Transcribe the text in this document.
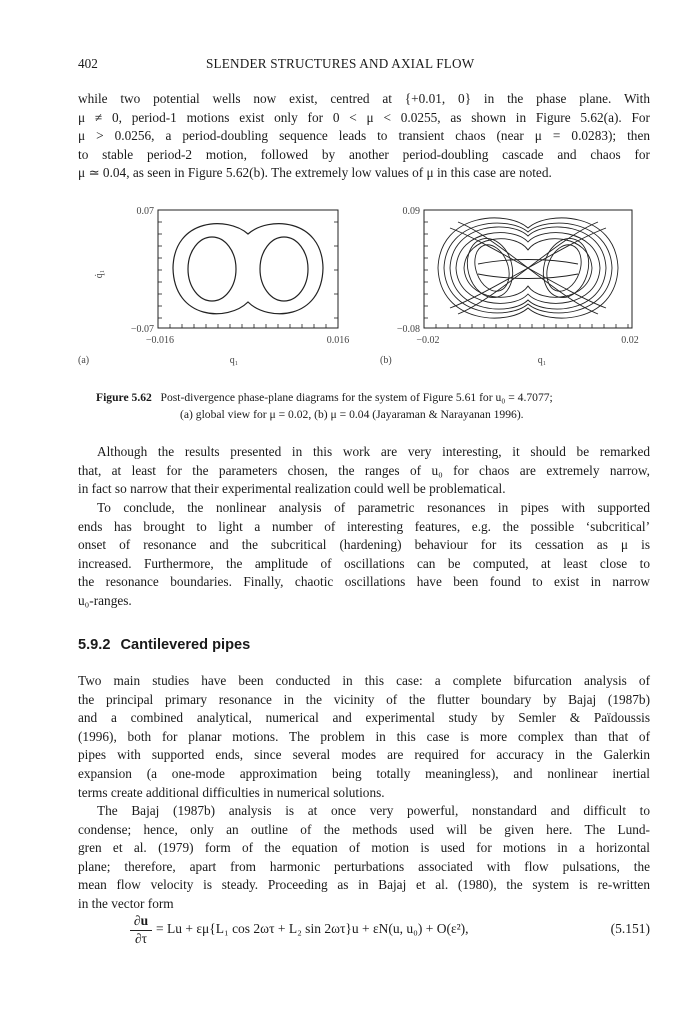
402	SLENDER STRUCTURES AND AXIAL FLOW
while two potential wells now exist, centred at {+0.01, 0} in the phase plane. With
μ ≠ 0, period-1 motions exist only for 0 < μ < 0.0255, as shown in Figure 5.62(a). For
μ > 0.0256, a period-doubling sequence leads to transient chaos (near μ = 0.0283); then
to stable period-2 motion, followed by another period-doubling cascade and chaos for
μ ≃ 0.04, as seen in Figure 5.62(b). The extremely low values of μ in this case are noted.
0.07
−0.07
−0.016	0.016
q̇₁
q₁
(a)
0.09
−0.08
−0.02	0.02
q₁
(b)
Figure 5.62 Post-divergence phase-plane diagrams for the system of Figure 5.61 for u₀ = 4.7077;
(a) global view for μ = 0.02, (b) μ = 0.04 (Jayaraman & Narayanan 1996).
Although the results presented in this work are very interesting, it should be remarked
that, at least for the parameters chosen, the ranges of u₀ for chaos are extremely narrow,
in fact so narrow that their experimental realization could well be problematical.
To conclude, the nonlinear analysis of parametric resonances in pipes with supported
ends has brought to light a number of interesting features, e.g. the possible ‘subcritical’
onset of resonance and the subcritical (hardening) behaviour for its cessation as μ is
increased. Furthermore, the amplitude of oscillations can be computed, at least close to
the resonance boundaries. Finally, chaotic oscillations have been found to exist in narrow
u₀-ranges.
5.9.2 Cantilevered pipes
Two main studies have been conducted in this case: a complete bifurcation analysis of
the principal primary resonance in the vicinity of the flutter boundary by Bajaj (1987b)
and a combined analytical, numerical and experimental study by Semler & Païdoussis
(1996), both for planar motions. The problem in this case is more complex than that of
pipes with supported ends, since several modes are required for accuracy in the Galerkin
expansion (a one-mode approximation being totally meaningless), and nonlinear inertial
terms create additional difficulties in numerical solutions.
The Bajaj (1987b) analysis is at once very powerful, nonstandard and difficult to
condense; hence, only an outline of the methods used will be given here. The Lund-
gren et al. (1979) form of the equation of motion is used for motions in a horizontal
plane; therefore, apart from harmonic perturbations associated with flow pulsations, the
mean flow velocity is steady. Proceeding as in Bajaj et al. (1980), the system is re-written
in the vector form
$\frac{\partial u}{\partial\tau} = Lu + \varepsilon\mu\{L_1$ cos 2ωτ + L₂ sin 2ωτ}u + εN(u, u₀) + O(ε²),	(5.151)
